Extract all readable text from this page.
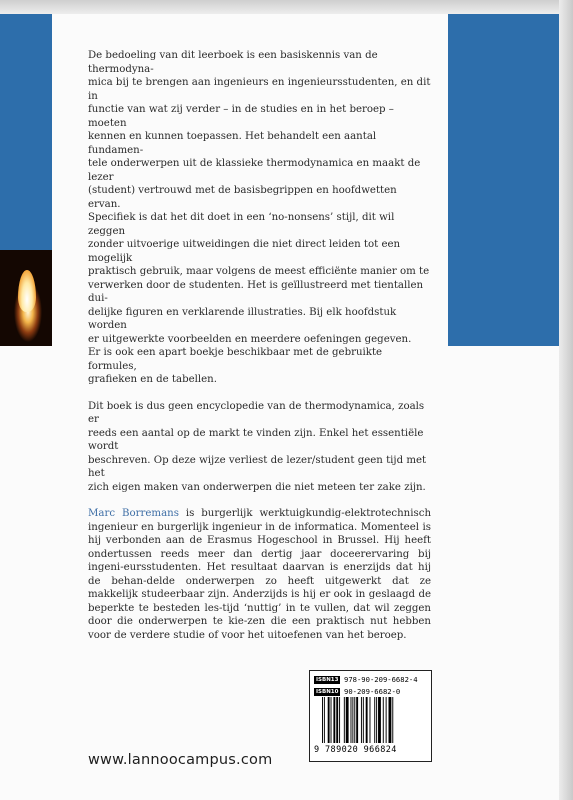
De bedoeling van dit leerboek is een basiskennis van de thermodyna-

mica bij te brengen aan ingenieurs en ingenieursstudenten, en dit in

functie van wat zij verder – in de studies en in het beroep – moeten

kennen en kunnen toepassen. Het behandelt een aantal fundamen-

tele onderwerpen uit de klassieke thermodynamica en maakt de lezer

(student) vertrouwd met de basisbegrippen en hoofdwetten ervan.

Specifiek is dat het dit doet in een ‘no-nonsens’ stijl, dit wil zeggen

zonder uitvoerige uitweidingen die niet direct leiden tot een mogelijk

praktisch gebruik, maar volgens de meest efficiënte manier om te

verwerken door de studenten. Het is geïllustreerd met tientallen dui-

delijke figuren en verklarende illustraties. Bij elk hoofdstuk worden

er uitgewerkte voorbeelden en meerdere oefeningen gegeven.

Er is ook een apart boekje beschikbaar met de gebruikte formules,

grafieken en de tabellen.

Dit boek is dus geen encyclopedie van de thermodynamica, zoals er

reeds een aantal op de markt te vinden zijn. Enkel het essentiële wordt

beschreven. Op deze wijze verliest de lezer/student geen tijd met het

zich eigen maken van onderwerpen die niet meteen ter zake zijn.

Marc Borremans is burgerlijk werktuigkundig-elektrotechnisch ingenieur en burgerlijk ingenieur in de informatica. Momenteel is hij verbonden aan de Erasmus Hogeschool in Brussel. Hij heeft ondertussen reeds meer dan dertig jaar doceerervaring bij ingeni-eursstudenten. Het resultaat daarvan is enerzijds dat hij de behan-delde onderwerpen zo heeft uitgewerkt dat ze makkelijk studeerbaar zijn. Anderzijds is hij er ook in geslaagd de beperkte te besteden les-tijd ‘nuttig’ in te vullen, dat wil zeggen door die onderwerpen te kie-zen die een praktisch nut hebben voor de verdere studie of voor het uitoefenen van het beroep.

ISBN13 978-90-209-6682-4
ISBN10 90-209-6682-0
9 789020 966824
www.lannoocampus.com
